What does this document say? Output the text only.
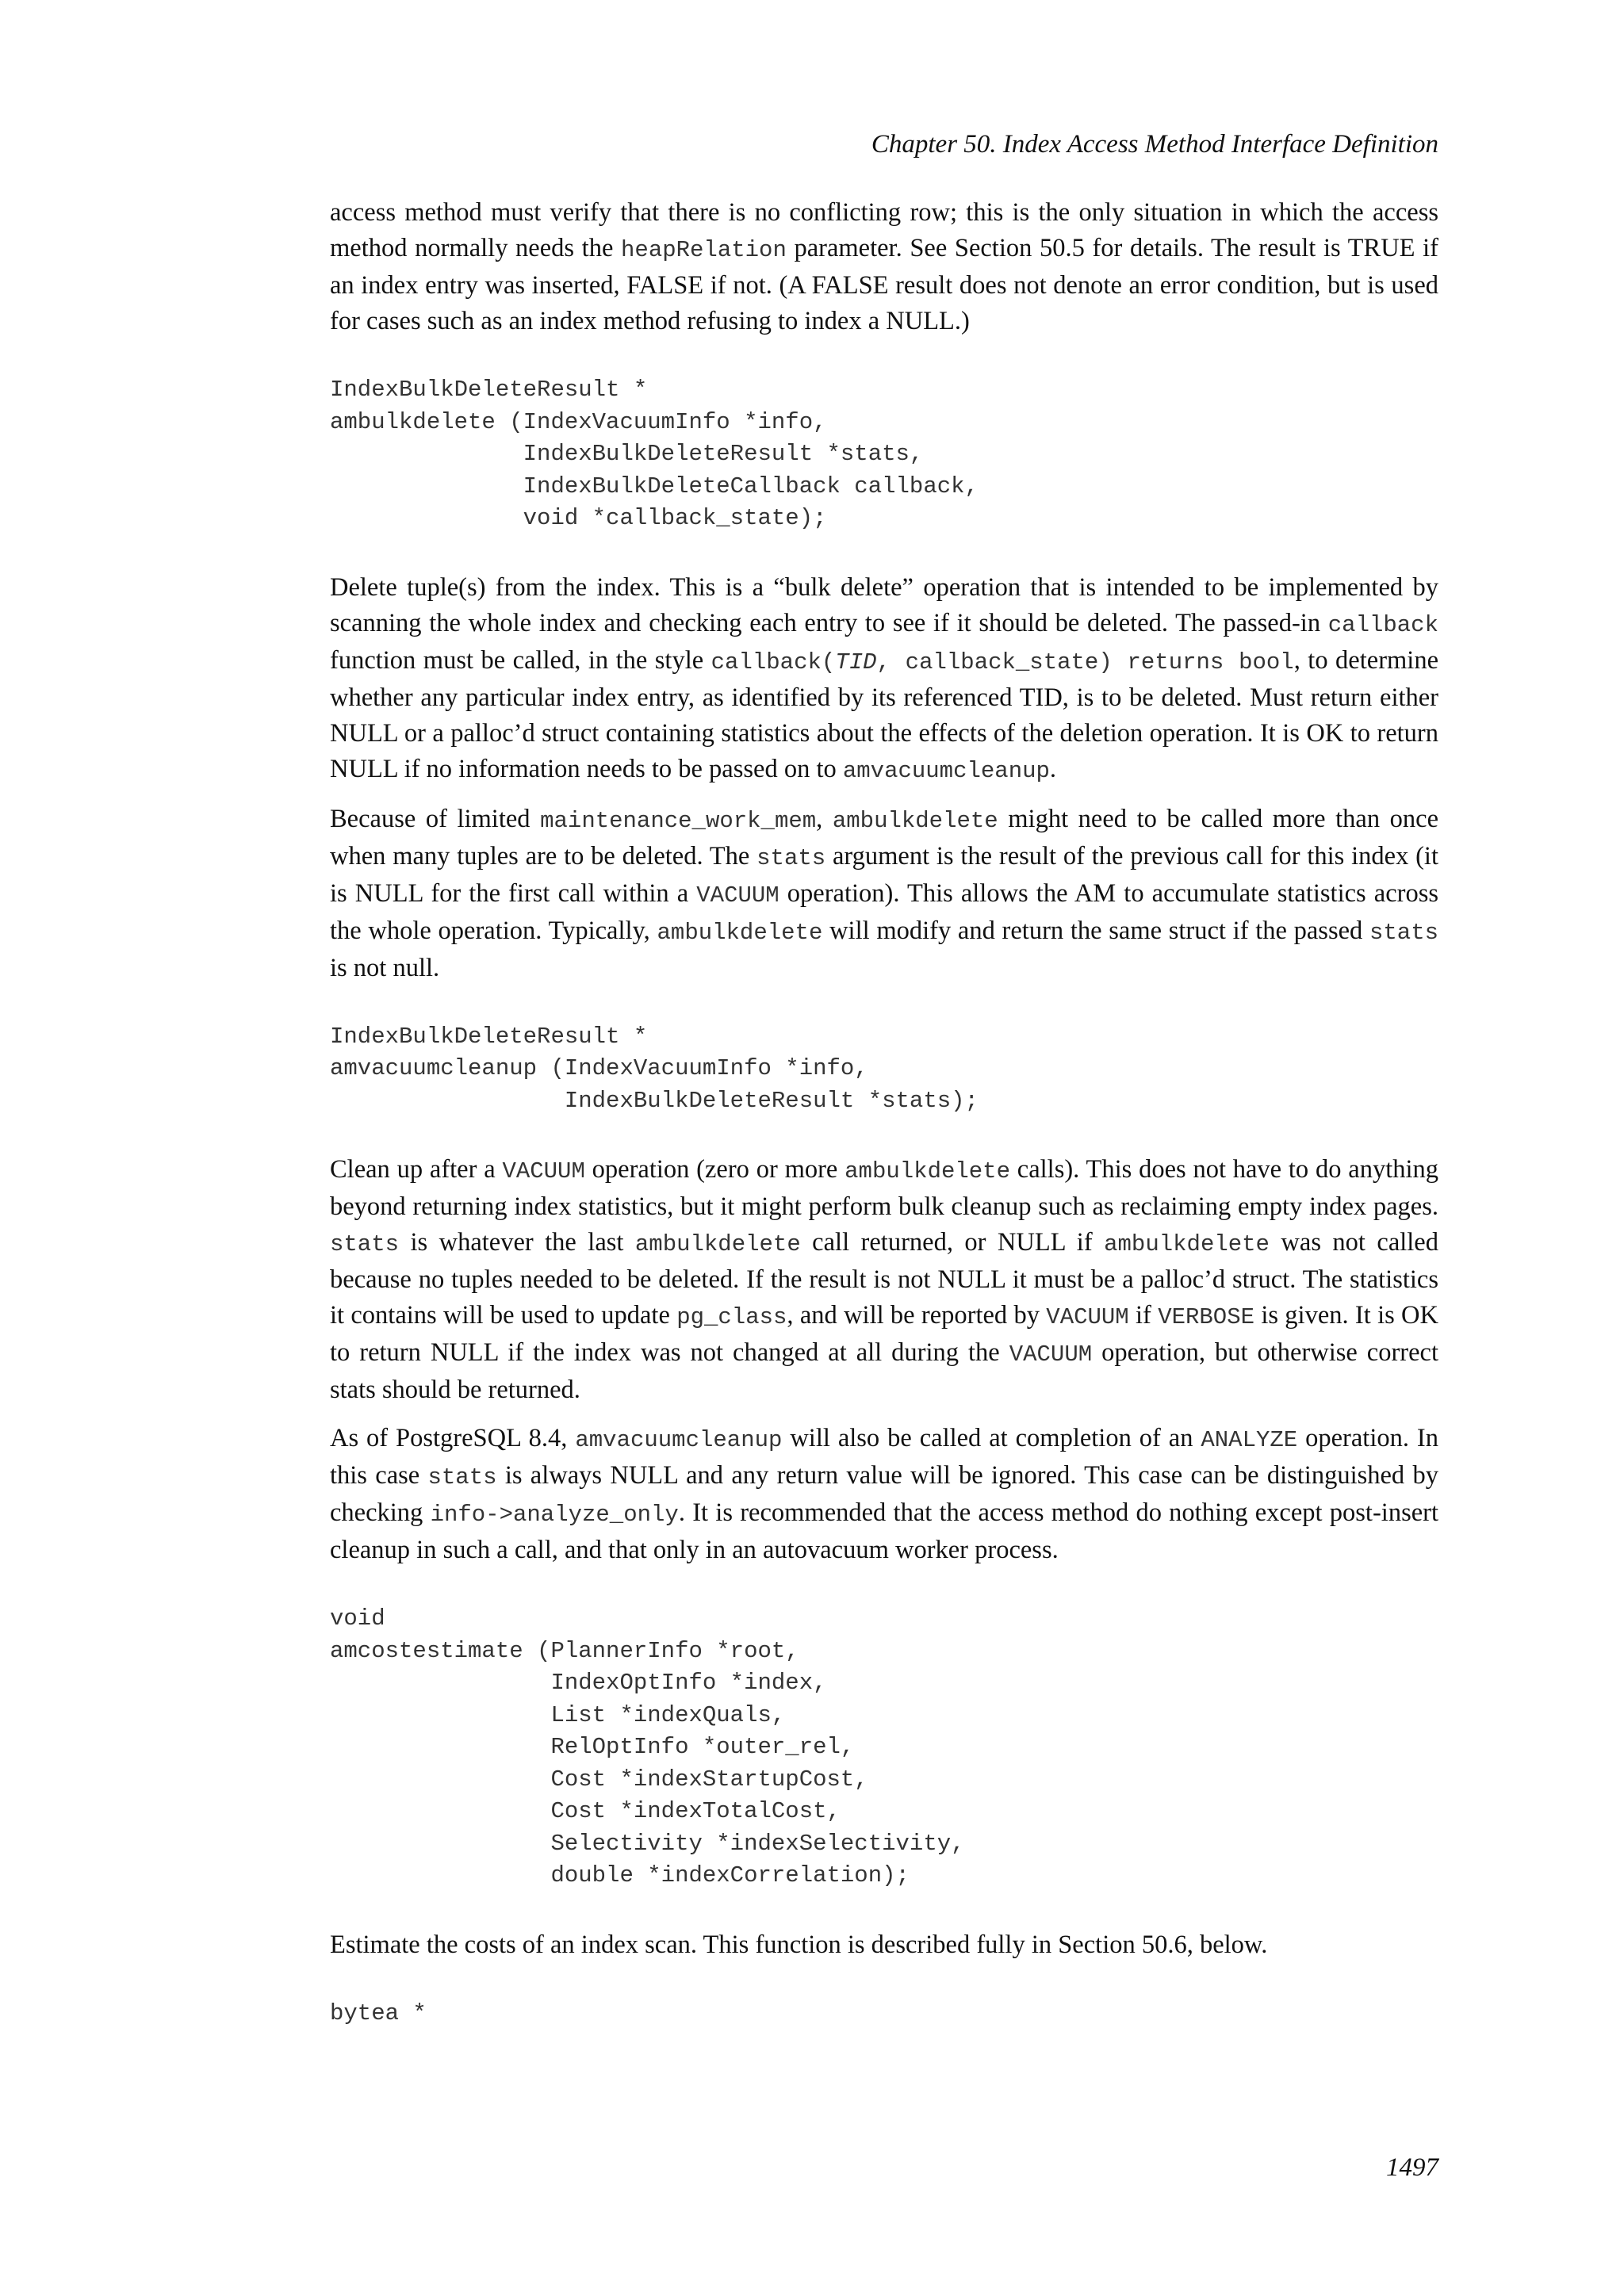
Chapter 50. Index Access Method Interface Definition

access method must verify that there is no conflicting row; this is the only situation in which the access method normally needs the heapRelation parameter. See Section 50.5 for details. The result is TRUE if an index entry was inserted, FALSE if not. (A FALSE result does not denote an error condition, but is used for cases such as an index method refusing to index a NULL.)

IndexBulkDeleteResult *
ambulkdelete (IndexVacuumInfo *info,
IndexBulkDeleteResult *stats,
IndexBulkDeleteCallback callback,
void *callback_state);

Delete tuple(s) from the index. This is a “bulk delete” operation that is intended to be implemented by scanning the whole index and checking each entry to see if it should be deleted. The passed-in callback function must be called, in the style callback(TID, callback_state) returns bool, to determine whether any particular index entry, as identified by its referenced TID, is to be deleted. Must return either NULL or a palloc’d struct containing statistics about the effects of the deletion operation. It is OK to return NULL if no information needs to be passed on to amvacuumcleanup.

Because of limited maintenance_work_mem, ambulkdelete might need to be called more than once when many tuples are to be deleted. The stats argument is the result of the previous call for this index (it is NULL for the first call within a VACUUM operation). This allows the AM to accumulate statistics across the whole operation. Typically, ambulkdelete will modify and return the same struct if the passed stats is not null.

IndexBulkDeleteResult *
amvacuumcleanup (IndexVacuumInfo *info,
IndexBulkDeleteResult *stats);

Clean up after a VACUUM operation (zero or more ambulkdelete calls). This does not have to do anything beyond returning index statistics, but it might perform bulk cleanup such as reclaiming empty index pages. stats is whatever the last ambulkdelete call returned, or NULL if ambulkdelete was not called because no tuples needed to be deleted. If the result is not NULL it must be a palloc’d struct. The statistics it contains will be used to update pg_class, and will be reported by VACUUM if VERBOSE is given. It is OK to return NULL if the index was not changed at all during the VACUUM operation, but otherwise correct stats should be returned.

As of PostgreSQL 8.4, amvacuumcleanup will also be called at completion of an ANALYZE operation. In this case stats is always NULL and any return value will be ignored. This case can be distinguished by checking info->analyze_only. It is recommended that the access method do nothing except post-insert cleanup in such a call, and that only in an autovacuum worker process.

void
amcostestimate (PlannerInfo *root,
IndexOptInfo *index,
List *indexQuals,
RelOptInfo *outer_rel,
Cost *indexStartupCost,
Cost *indexTotalCost,
Selectivity *indexSelectivity,
double *indexCorrelation);

Estimate the costs of an index scan. This function is described fully in Section 50.6, below.

bytea *
1497
